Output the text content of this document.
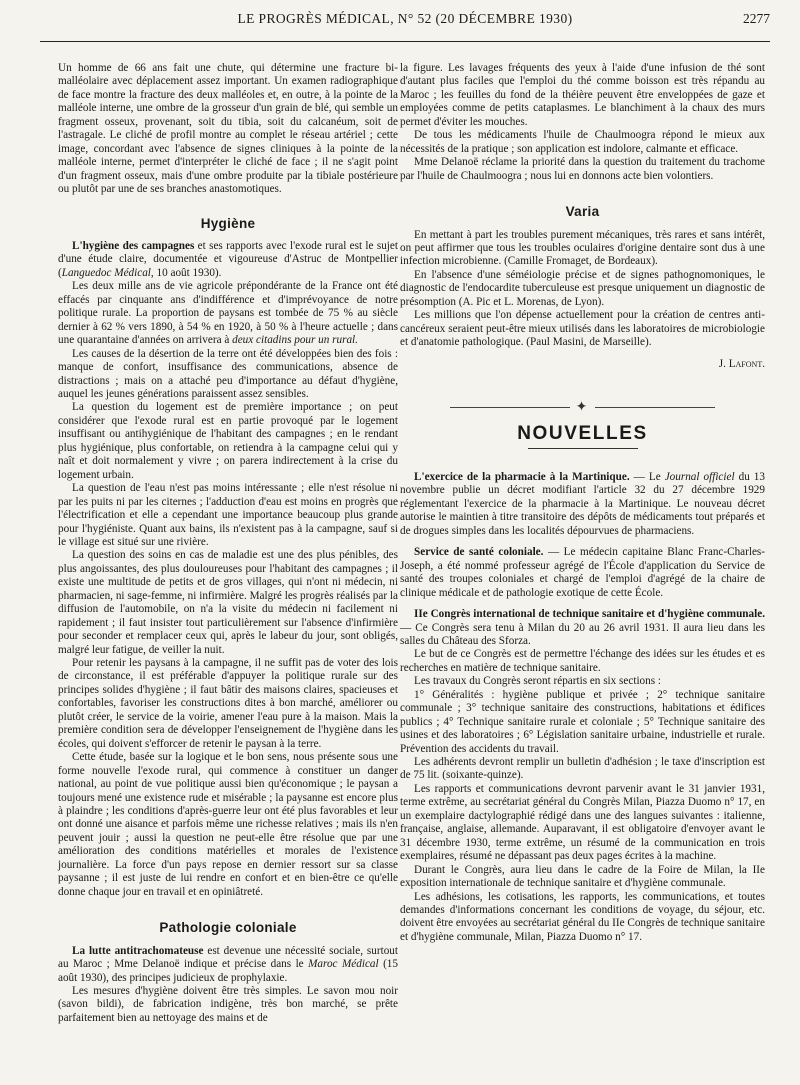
LE PROGRÈS MÉDICAL, N° 52 (20 DÉCEMBRE 1930)	2277

Un homme de 66 ans fait une chute, qui détermine une fracture bi-malléolaire avec déplacement assez important. Un examen radiographique de face montre la fracture des deux malléoles et, en outre, à la pointe de la malléole interne, une ombre de la grosseur d'un grain de blé, qui semble un fragment osseux, provenant, soit du tibia, soit du calcanéum, soit de l'astragale. Le cliché de profil montre au complet le réseau artériel ; cette image, concordant avec l'absence de signes cliniques à la pointe de la malléole interne, permet d'interpréter le cliché de face ; il ne s'agit point d'un fragment osseux, mais d'une ombre produite par la tibiale postérieure ou plutôt par une de ses branches anastomotiques.

Hygiène

L'hygiène des campagnes et ses rapports avec l'exode rural est le sujet d'une étude claire, documentée et vigoureuse d'Astruc de Montpellier (Languedoc Médical, 10 août 1930).

Les deux mille ans de vie agricole prépondérante de la France ont été effacés par cinquante ans d'indifférence et d'imprévoyance de notre politique rurale. La proportion de paysans est tombée de 75 % au siècle dernier à 62 % vers 1890, à 54 % en 1920, à 50 % à l'heure actuelle ; dans une quarantaine d'années on arrivera à deux citadins pour un rural.

Les causes de la désertion de la terre ont été développées bien des fois : manque de confort, insuffisance des communications, absence de distractions ; mais on a attaché peu d'importance au défaut d'hygiène, auquel les jeunes générations paraissent assez sensibles.

La question du logement est de première importance ; on peut considérer que l'exode rural est en partie provoqué par le logement insuffisant ou antihygiénique de l'habitant des campagnes ; en le rendant plus hygiénique, plus confortable, on retiendra à la campagne celui qui y naît et doit normalement y vivre ; on parera indirectement à la crise du logement urbain.

La question de l'eau n'est pas moins intéressante ; elle n'est résolue ni par les puits ni par les citernes ; l'adduction d'eau est moins en progrès que l'électrification et elle a cependant une importance beaucoup plus grande pour l'hygiéniste. Quant aux bains, ils n'existent pas à la campagne, sauf si le village est situé sur une rivière.

La question des soins en cas de maladie est une des plus pénibles, des plus angoissantes, des plus douloureuses pour l'habitant des campagnes ; il existe une multitude de petits et de gros villages, qui n'ont ni médecin, ni pharmacien, ni sage-femme, ni infirmière. Malgré les progrès réalisés par la diffusion de l'automobile, on n'a la visite du médecin ni facilement ni rapidement ; il faut insister tout particulièrement sur l'absence d'infirmière pour seconder et remplacer ceux qui, après le labeur du jour, sont obligés, malgré leur fatigue, de veiller la nuit.

Pour retenir les paysans à la campagne, il ne suffit pas de voter des lois de circonstance, il est préférable d'appuyer la politique rurale sur des principes solides d'hygiène ; il faut bâtir des maisons claires, spacieuses et confortables, favoriser les constructions dites à bon marché, améliorer ou plutôt créer, le service de la voirie, amener l'eau pure à la maison. Mais la première condition sera de développer l'enseignement de l'hygiène dans les écoles, qui doivent s'efforcer de retenir le paysan à la terre.

Cette étude, basée sur la logique et le bon sens, nous présente sous une forme nouvelle l'exode rural, qui commence à constituer un danger national, au point de vue politique aussi bien qu'économique ; le paysan a toujours mené une existence rude et misérable ; la paysanne est encore plus à plaindre ; les conditions d'après-guerre leur ont été plus favorables et leur ont donné une aisance et parfois même une richesse relatives ; mais ils n'en peuvent jouir ; aussi la question ne peut-elle être résolue que par une amélioration des conditions matérielles et morales de l'existence journalière. La force d'un pays repose en dernier ressort sur sa classe paysanne ; il est juste de lui rendre en confort et en bien-être ce qu'elle donne chaque jour en travail et en opiniâtreté.

Pathologie coloniale

La lutte antitrachomateuse est devenue une nécessité sociale, surtout au Maroc ; Mme Delanoë indique et précise dans le Maroc Médical (15 août 1930), des principes judicieux de prophylaxie.

Les mesures d'hygiène doivent être très simples. Le savon mou noir (savon bildi), de fabrication indigène, très bon marché, se prête parfaitement bien au nettoyage des mains et de

la figure. Les lavages fréquents des yeux à l'aide d'une infusion de thé sont d'autant plus faciles que l'emploi du thé comme boisson est très répandu au Maroc ; les feuilles du fond de la théière peuvent être enveloppées de gaze et employées comme de petits cataplasmes. Le blanchiment à la chaux des murs permet d'éviter les mouches.

De tous les médicaments l'huile de Chaulmoogra répond le mieux aux nécessités de la pratique ; son application est indolore, calmante et efficace.

Mme Delanoë réclame la priorité dans la question du traitement du trachome par l'huile de Chaulmoogra ; nous lui en donnons acte bien volontiers.

Varia

En mettant à part les troubles purement mécaniques, très rares et sans intérêt, on peut affirmer que tous les troubles oculaires d'origine dentaire sont dus à une infection microbienne. (Camille Fromaget, de Bordeaux).

En l'absence d'une séméiologie précise et de signes pathognomoniques, le diagnostic de l'endocardite tuberculeuse est presque uniquement un diagnostic de présomption (A. Pic et L. Morenas, de Lyon).

Les millions que l'on dépense actuellement pour la création de centres anti-cancéreux seraient peut-être mieux utilisés dans les laboratoires de microbiologie et d'anatomie pathologique. (Paul Masini, de Marseille).

J. Lafont.

✦
NOUVELLES

L'exercice de la pharmacie à la Martinique. — Le Journal officiel du 13 novembre publie un décret modifiant l'article 32 du 27 décembre 1929 réglementant l'exercice de la pharmacie à la Martinique. Le nouveau décret autorise le maintien à titre transitoire des dépôts de médicaments tout préparés et de drogues simples dans les localités dépourvues de pharmaciens.

Service de santé coloniale. — Le médecin capitaine Blanc Franc-Charles-Joseph, a été nommé professeur agrégé de l'École d'application du Service de santé des troupes coloniales et chargé de l'emploi d'agrégé de la chaire de clinique médicale et de pathologie exotique de cette École.

IIe Congrès international de technique sanitaire et d'hygiène communale. — Ce Congrès sera tenu à Milan du 20 au 26 avril 1931. Il aura lieu dans les salles du Château des Sforza.

Le but de ce Congrès est de permettre l'échange des idées sur les études et es recherches en matière de technique sanitaire.

Les travaux du Congrès seront répartis en six sections :

1° Généralités : hygiène publique et privée ; 2° technique sanitaire communale ; 3° technique sanitaire des constructions, habitations et édifices publics ; 4° Technique sanitaire rurale et coloniale ; 5° Technique sanitaire des usines et des laboratoires ; 6° Législation sanitaire urbaine, industrielle et rurale. Prévention des accidents du travail.

Les adhérents devront remplir un bulletin d'adhésion ; le taxe d'inscription est de 75 lit. (soixante-quinze).

Les rapports et communications devront parvenir avant le 31 janvier 1931, terme extrême, au secrétariat général du Congrès Milan, Piazza Duomo n° 17, en un exemplaire dactylographié rédigé dans une des langues suivantes : italienne, française, anglaise, allemande. Auparavant, il est obligatoire d'envoyer avant le 31 décembre 1930, terme extrême, un résumé de la communication en trois exemplaires, résumé ne dépassant pas deux pages écrites à la machine.

Durant le Congrès, aura lieu dans le cadre de la Foire de Milan, la IIe exposition internationale de technique sanitaire et d'hygiène communale.

Les adhésions, les cotisations, les rapports, les communications, et toutes demandes d'informations concernant les conditions de voyage, du séjour, etc. doivent être envoyées au secrétariat général du IIe Congrès de technique sanitaire et d'hygiène communale, Milan, Piazza Duomo n° 17.
